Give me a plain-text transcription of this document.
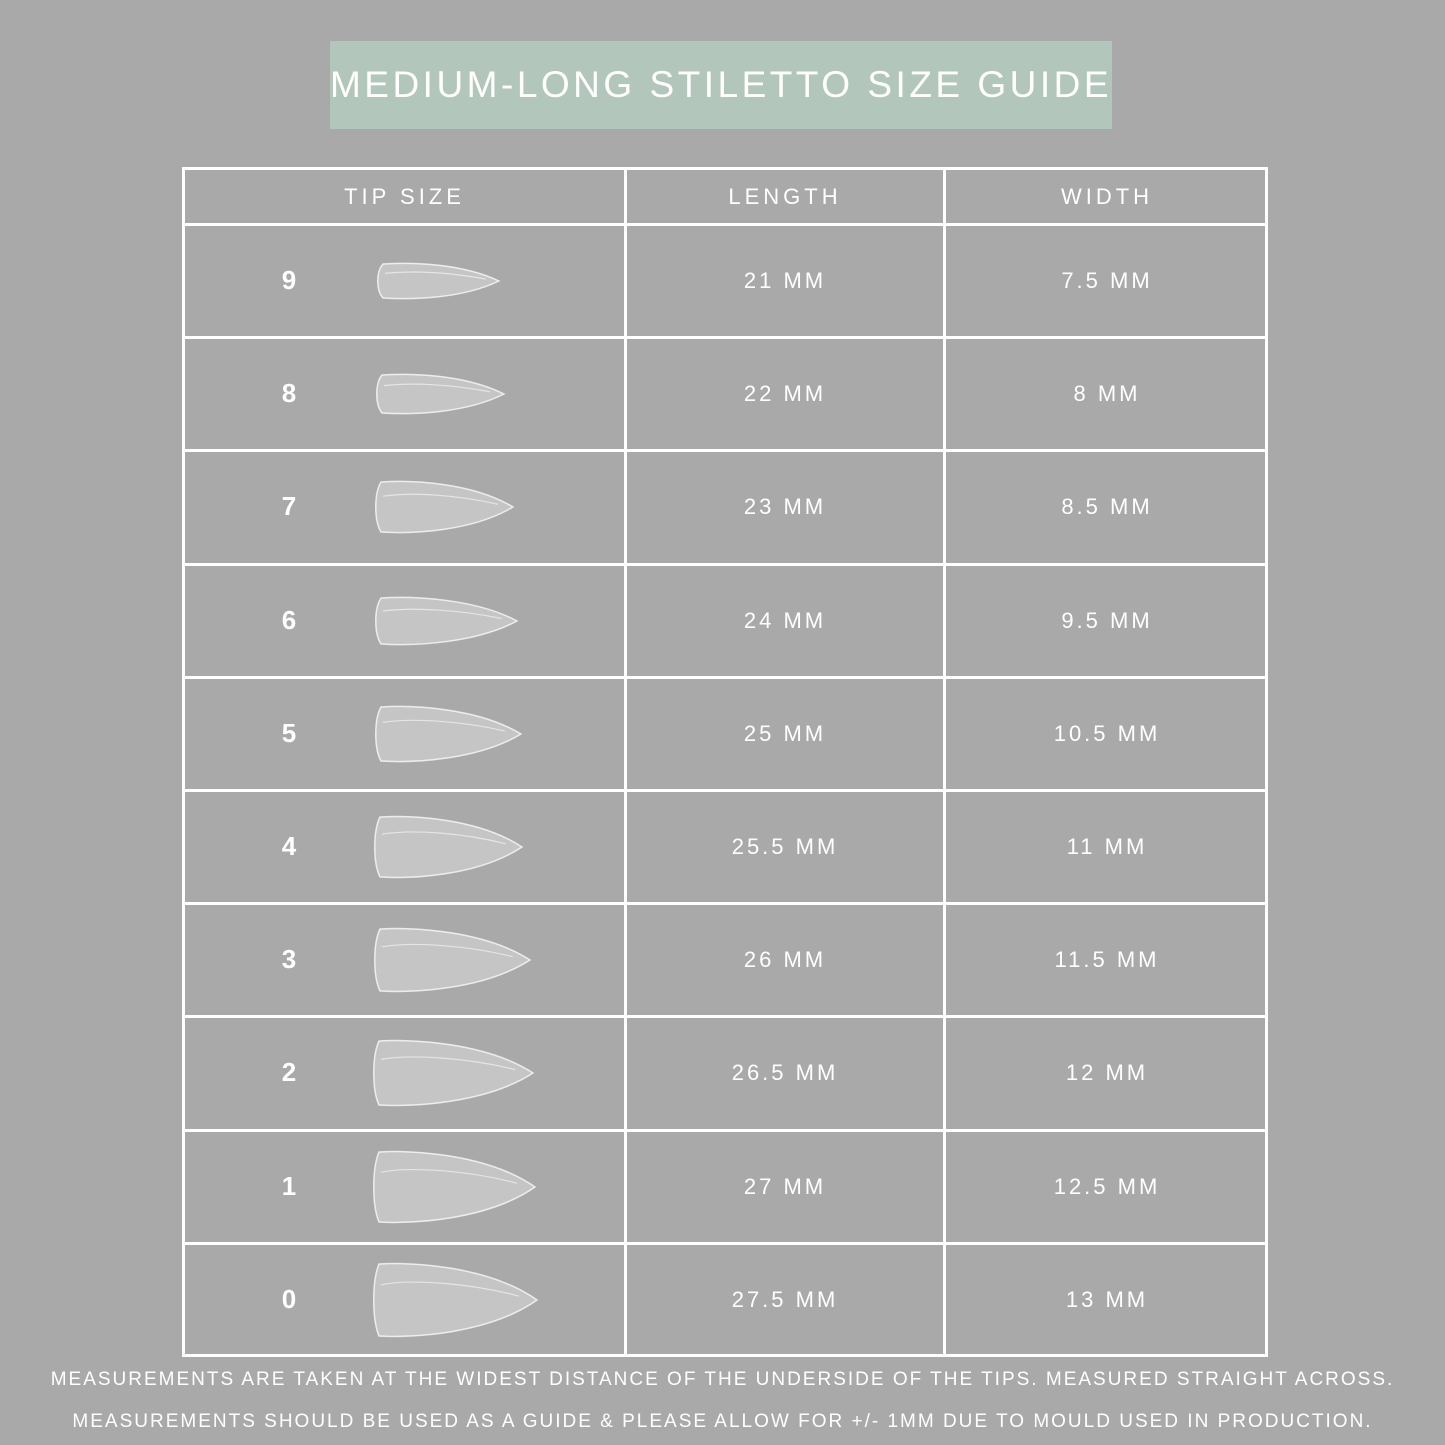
MEDIUM-LONG STILETTO SIZE GUIDE
TIP SIZE	LENGTH	WIDTH
9	21 MM	7.5 MM
8	22 MM	8 MM
7	23 MM	8.5 MM
6	24 MM	9.5 MM
5	25 MM	10.5 MM
4	25.5 MM	11 MM
3	26 MM	11.5 MM
2	26.5 MM	12 MM
1	27 MM	12.5 MM
0	27.5 MM	13 MM
MEASUREMENTS ARE TAKEN AT THE WIDEST DISTANCE OF THE UNDERSIDE OF THE TIPS. MEASURED STRAIGHT ACROSS.
MEASUREMENTS SHOULD BE USED AS A GUIDE & PLEASE ALLOW FOR +/- 1MM DUE TO MOULD USED IN PRODUCTION.
